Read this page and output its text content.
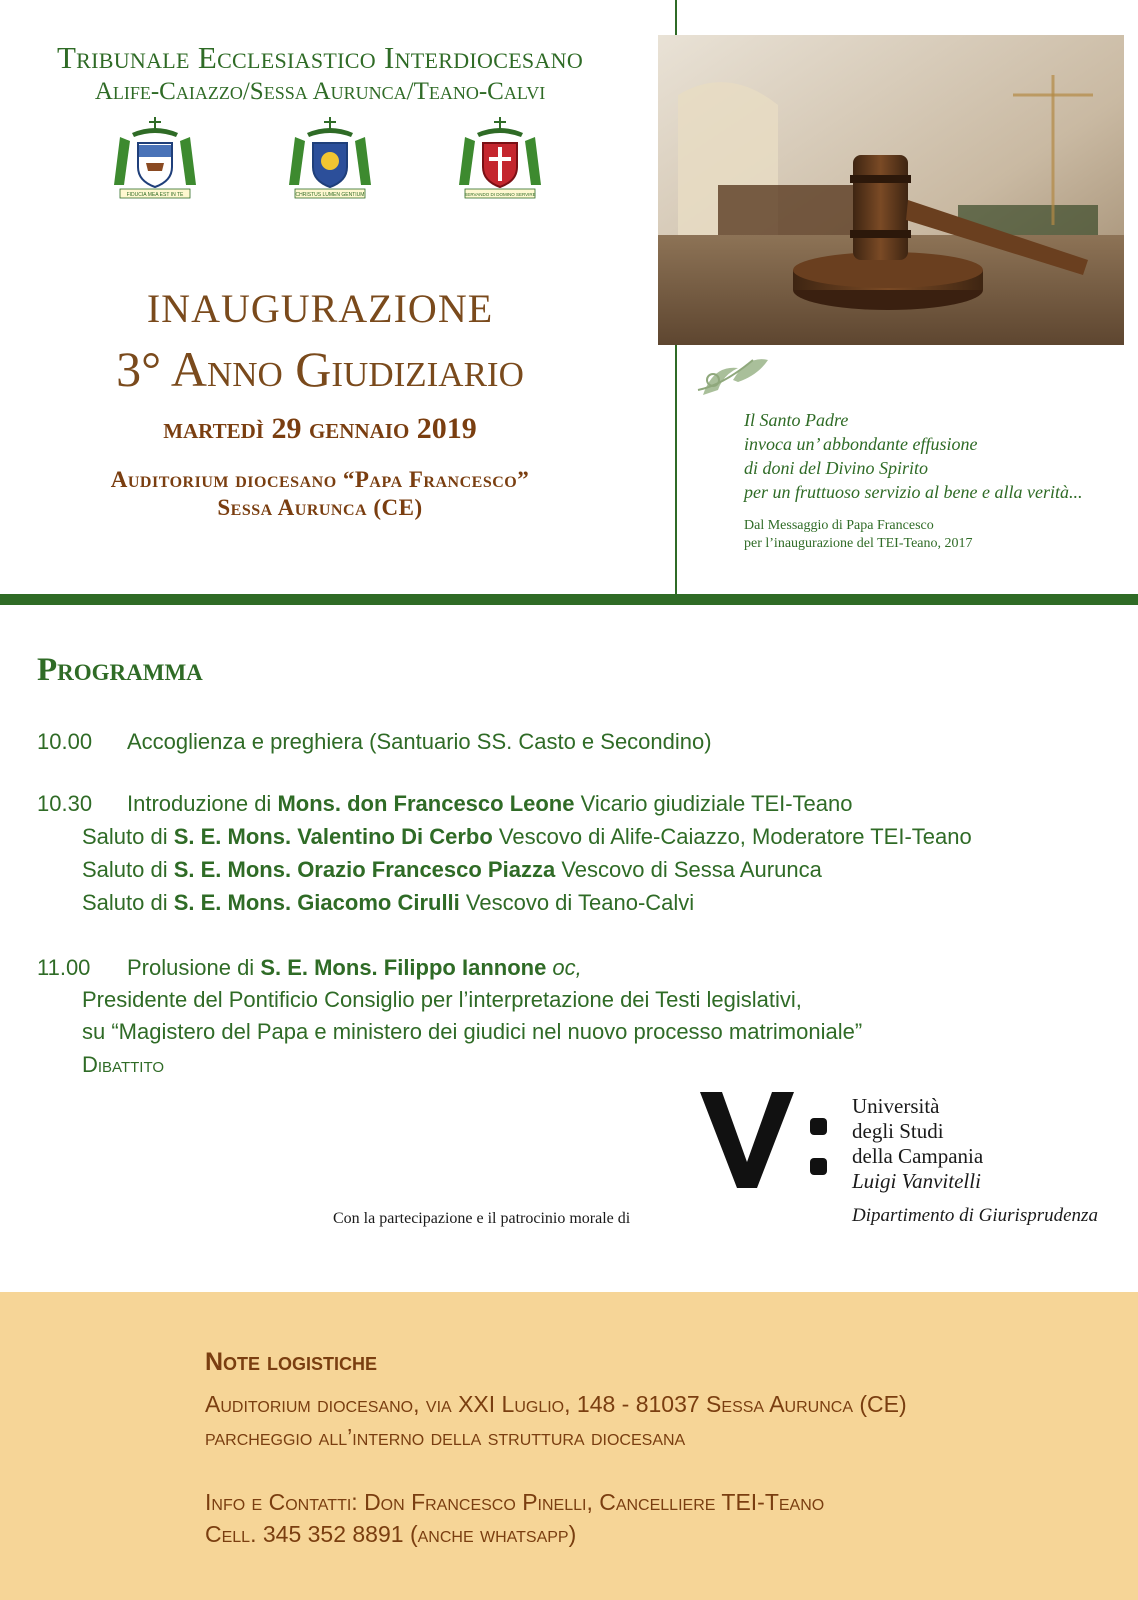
Tribunale Ecclesiastico Interdiocesano
Alife-Caiazzo/Sessa Aurunca/Teano-Calvi
FIDUCIA MEA EST IN TE	CHRISTUS LUMEN GENTIUM	SERVANDO DI DOMINO SERVIRE
INAUGURAZIONE
3° Anno Giudiziario
martedì 29 gennaio 2019
Auditorium diocesano “Papa Francesco”
Sessa Aurunca (CE)
Il Santo Padre
invoca un’ abbondante effusione
di doni del Divino Spirito
per un fruttuoso servizio al bene e alla verità...
Dal Messaggio di Papa Francesco
per l’inaugurazione del TEI-Teano, 2017
Programma
10.00 Accoglienza e preghiera (Santuario SS. Casto e Secondino)
10.30 Introduzione di Mons. don Francesco Leone Vicario giudiziale TEI-Teano
Saluto di S. E. Mons. Valentino Di Cerbo Vescovo di Alife-Caiazzo, Moderatore TEI-Teano
Saluto di S. E. Mons. Orazio Francesco Piazza Vescovo di Sessa Aurunca
Saluto di S. E. Mons. Giacomo Cirulli Vescovo di Teano-Calvi
11.00 Prolusione di S. E. Mons. Filippo Iannone oc,
Presidente del Pontificio Consiglio per l’interpretazione dei Testi legislativi,
su “Magistero del Papa e ministero dei giudici nel nuovo processo matrimoniale”
Dibattito
Università
degli Studi
della Campania
Luigi Vanvitelli
Dipartimento di Giurisprudenza
Con la partecipazione e il patrocinio morale di
Note logistiche
Auditorium diocesano, via XXI Luglio, 148 - 81037 Sessa Aurunca (CE)
parcheggio all’interno della struttura diocesana
Info e Contatti: Don Francesco Pinelli, Cancelliere TEI-Teano
Cell. 345 352 8891 (anche whatsapp)
